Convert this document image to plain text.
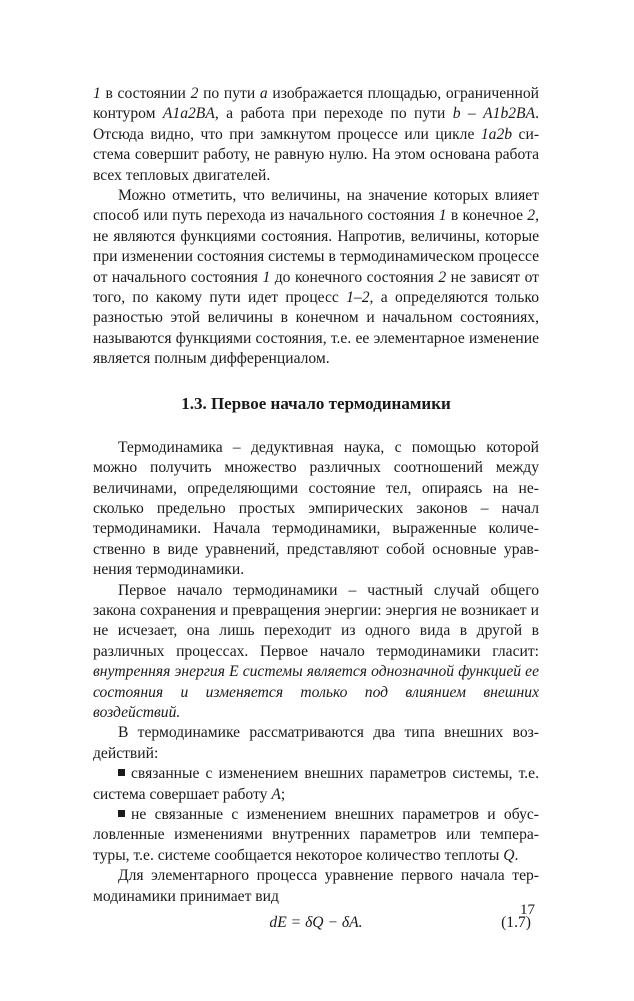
1 в состоянии 2 по пути a изображается площадью, ограниченной контуром A1a2BA, а работа при переходе по пути b – A1b2BA. Отсюда видно, что при замкнутом процессе или цикле 1a2b система совершит работу, не равную нулю. На этом основана работа всех тепловых двигателей.

Можно отметить, что величины, на значение которых влияет способ или путь перехода из начального состояния 1 в конечное 2, не являются функциями состояния. Напротив, величины, которые при изменении состояния системы в термодинамическом процессе от начального состояния 1 до конечного состояния 2 не зависят от того, по какому пути идет процесс 1–2, а определяются только разностью этой величины в конечном и начальном состояниях, называются функциями состояния, т.е. ее элементарное изменение является полным дифференциалом.

1.3. Первое начало термодинамики

Термодинамика – дедуктивная наука, с помощью которой можно получить множество различных соотношений между величинами, определяющими состояние тел, опираясь на несколько предельно простых эмпирических законов – начал термодинамики. Начала термодинамики, выраженные количественно в виде уравнений, представляют собой основные уравнения термодинамики.

Первое начало термодинамики – частный случай общего закона сохранения и превращения энергии: энергия не возникает и не исчезает, она лишь переходит из одного вида в другой в различных процессах. Первое начало термодинамики гласит: внутренняя энергия E системы является однозначной функцией ее состояния и изменяется только под влиянием внешних воздействий.

В термодинамике рассматриваются два типа внешних воздействий:

связанные с изменением внешних параметров системы, т.е. система совершает работу A;

не связанные с изменением внешних параметров и обусловленные изменениями внутренних параметров или температуры, т.е. системе сообщается некоторое количество теплоты Q.

Для элементарного процесса уравнение первого начала термодинамики принимает вид

dE = δQ − δA.	(1.7)

17
